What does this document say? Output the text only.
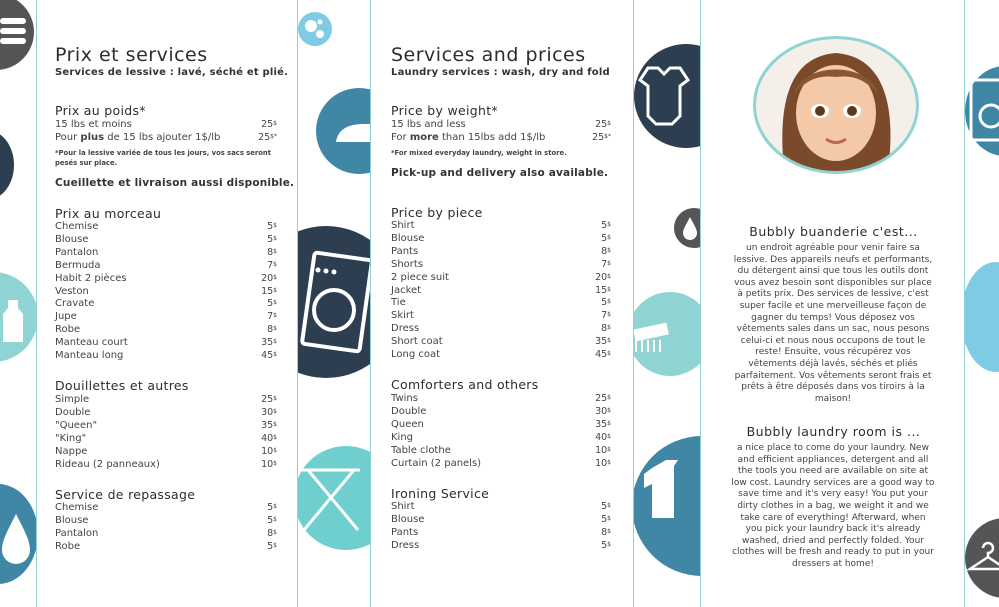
Prix et services
Services de lessive : lavé, séché et plié.
Prix au poids*
15 lbs et moins	25$
Pour plus de 15 lbs ajouter 1$/lb	25$*
*Pour la lessive variée de tous les jours, vos sacs seront pesés sur place.
Cueillette et livraison aussi disponible.
Prix au morceau
Douillettes et autres
Service de repassage
Chemise	5$
Blouse	5$
Pantalon	8$
Bermuda	7$
Habit 2 pièces	20$
Veston	15$
Cravate	5$
Jupe	7$
Robe	8$
Manteau court	35$
Manteau long	45$
Simple	25$
Double	30$
"Queen"	35$
"King"	40$
Nappe	10$
Rideau (2 panneaux)	10$
Chemise	5$
Blouse	5$
Pantalon	8$
Robe	5$
Services and prices
Laundry services : wash, dry and fold
Price by weight*
15 lbs and less	25$
For more than 15lbs add 1$/lb	25$*
*For mixed everyday laundry, weight in store.
Pick-up and delivery also available.
Price by piece
Comforters and others
Ironing Service
Shirt	5$
Blouse	5$
Pants	8$
Shorts	7$
2 piece suit	20$
Jacket	15$
Tie	5$
Skirt	7$
Dress	8$
Short coat	35$
Long coat	45$
Twins	25$
Double	30$
Queen	35$
King	40$
Table clothe	10$
Curtain (2 panels)	10$
Shirt	5$
Blouse	5$
Pants	8$
Dress	5$
Bubbly buanderie c'est...
un endroit agréable pour venir faire sa lessive. Des appareils neufs et performants, du détergent ainsi que tous les outils dont vous avez besoin sont disponibles sur place à petits prix. Des services de lessive, c'est super facile et une merveilleuse façon de gagner du temps! Vous déposez vos vêtements sales dans un sac, nous pesons celui-ci et nous nous occupons de tout le reste! Ensuite, vous récupérez vos vêtements déjà lavés, séchés et pliés parfaitement. Vos vêtements seront frais et prêts à être déposés dans vos tiroirs à la maison!
Bubbly laundry room is ...
a nice place to come do your laundry. New and efficient appliances, detergent and all the tools you need are available on site at low cost. Laundry services are a good way to save time and it's very easy! You put your dirty clothes in a bag, we weight it and we take care of everything! Afterward, when you pick your laundry back it's already washed, dried and perfectly folded. Your clothes will be fresh and ready to put in your dressers at home!
